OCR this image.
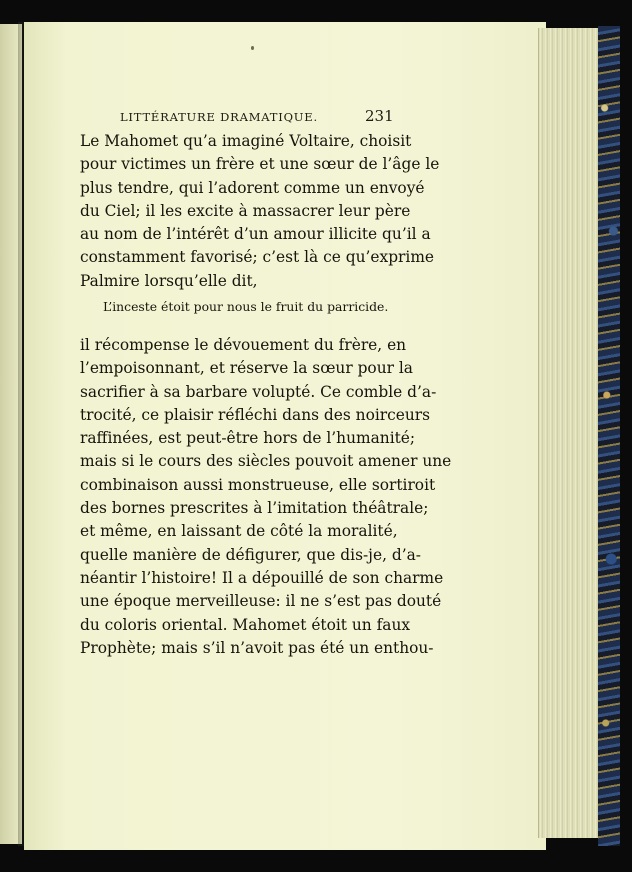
LITTÉRATURE DRAMATIQUE.	231
Le Mahomet qu’a imaginé Voltaire, choisit
pour victimes un frère et une sœur de l’âge le
plus tendre, qui l’adorent comme un envoyé
du Ciel; il les excite à massacrer leur père
au nom de l’intérêt d’un amour illicite qu’il a
constamment favorisé; c’est là ce qu’exprime
Palmire lorsqu’elle dit,
L’inceste étoit pour nous le fruit du parricide.
il récompense le dévouement du frère, en
l’empoisonnant, et réserve la sœur pour la
sacrifier à sa barbare volupté. Ce comble d’a-
trocité, ce plaisir réfléchi dans des noirceurs
raffinées, est peut-être hors de l’humanité;
mais si le cours des siècles pouvoit amener une
combinaison aussi monstrueuse, elle sortiroit
des bornes prescrites à l’imitation théâtrale;
et même, en laissant de côté la moralité,
quelle manière de défigurer, que dis-je, d’a-
néantir l’histoire! Il a dépouillé de son charme
une époque merveilleuse: il ne s’est pas douté
du coloris oriental. Mahomet étoit un faux
Prophète; mais s’il n’avoit pas été un enthou-
